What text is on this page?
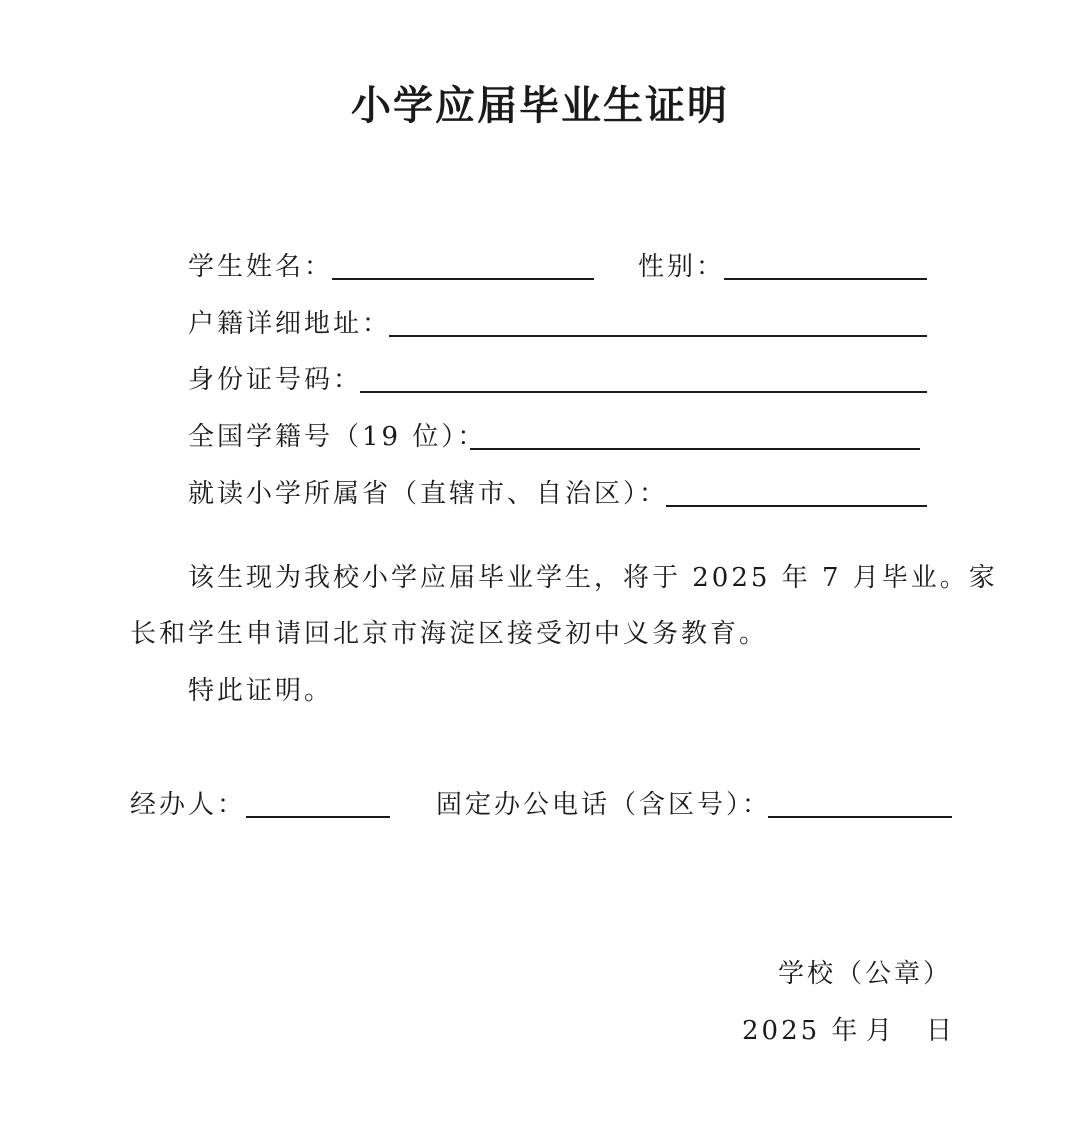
小学应届毕业生证明
学生姓名：	性别：
户籍详细地址：
身份证号码：
全国学籍号（19 位）：
就读小学所属省（直辖市、自治区）：
该生现为我校小学应届毕业学生，将于 2025 年 7 月毕业。家
长和学生申请回北京市海淀区接受初中义务教育。
特此证明。
经办人：	固定办公电话（含区号）：
学校（公章）
2025 年 月 日
